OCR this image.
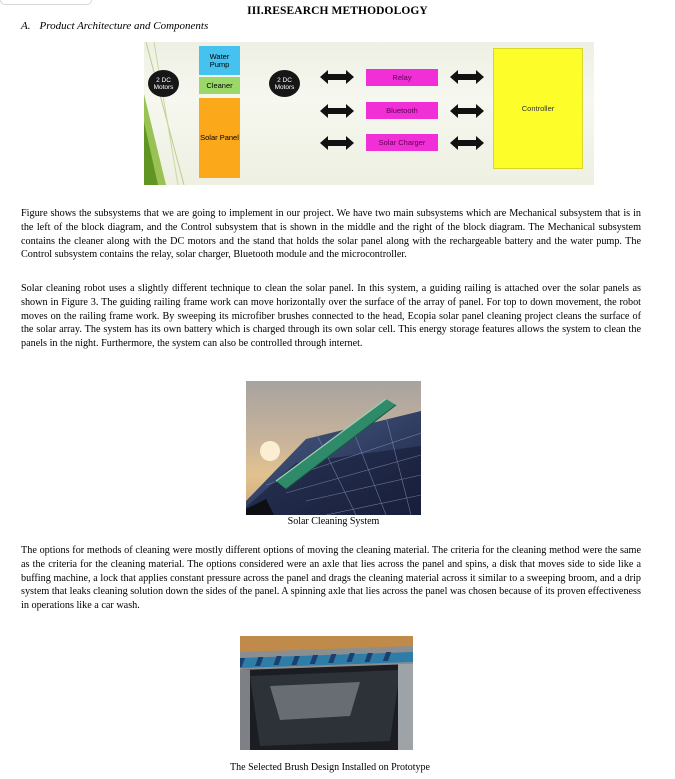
III.RESEARCH METHODOLOGY
A. Product Architecture and Components
Water Pump
Cleaner
Solar Panel
2 DC Motors
2 DC Motors
Relay
Bluetooth
Solar Charger
Controller

Figure shows the subsystems that we are going to implement in our project. We have two main subsystems which are Mechanical subsystem that is in the left of the block diagram, and the Control subsystem that is shown in the middle and the right of the block diagram. The Mechanical subsystem contains the cleaner along with the DC motors and the stand that holds the solar panel along with the rechargeable battery and the water pump. The Control subsystem contains the relay, solar charger, Bluetooth module and the microcontroller.

Solar cleaning robot uses a slightly different technique to clean the solar panel. In this system, a guiding railing is attached over the solar panels as shown in Figure 3. The guiding railing frame work can move horizontally over the surface of the array of panel. For top to down movement, the robot moves on the railing frame work. By sweeping its microfiber brushes connected to the head, Ecopia solar panel cleaning project cleans the surface of the solar array. The system has its own battery which is charged through its own solar cell. This energy storage features allows the system to clean the panels in the night. Furthermore, the system can also be controlled through internet.

Solar Cleaning System

The options for methods of cleaning were mostly different options of moving the cleaning material. The criteria for the cleaning method were the same as the criteria for the cleaning material. The options considered were an axle that lies across the panel and spins, a disk that moves side to side like a buffing machine, a lock that applies constant pressure across the panel and drags the cleaning material across it similar to a sweeping broom, and a drip system that leaks cleaning solution down the sides of the panel. A spinning axle that lies across the panel was chosen because of its proven effectiveness in operations like a car wash.

The Selected Brush Design Installed on Prototype
